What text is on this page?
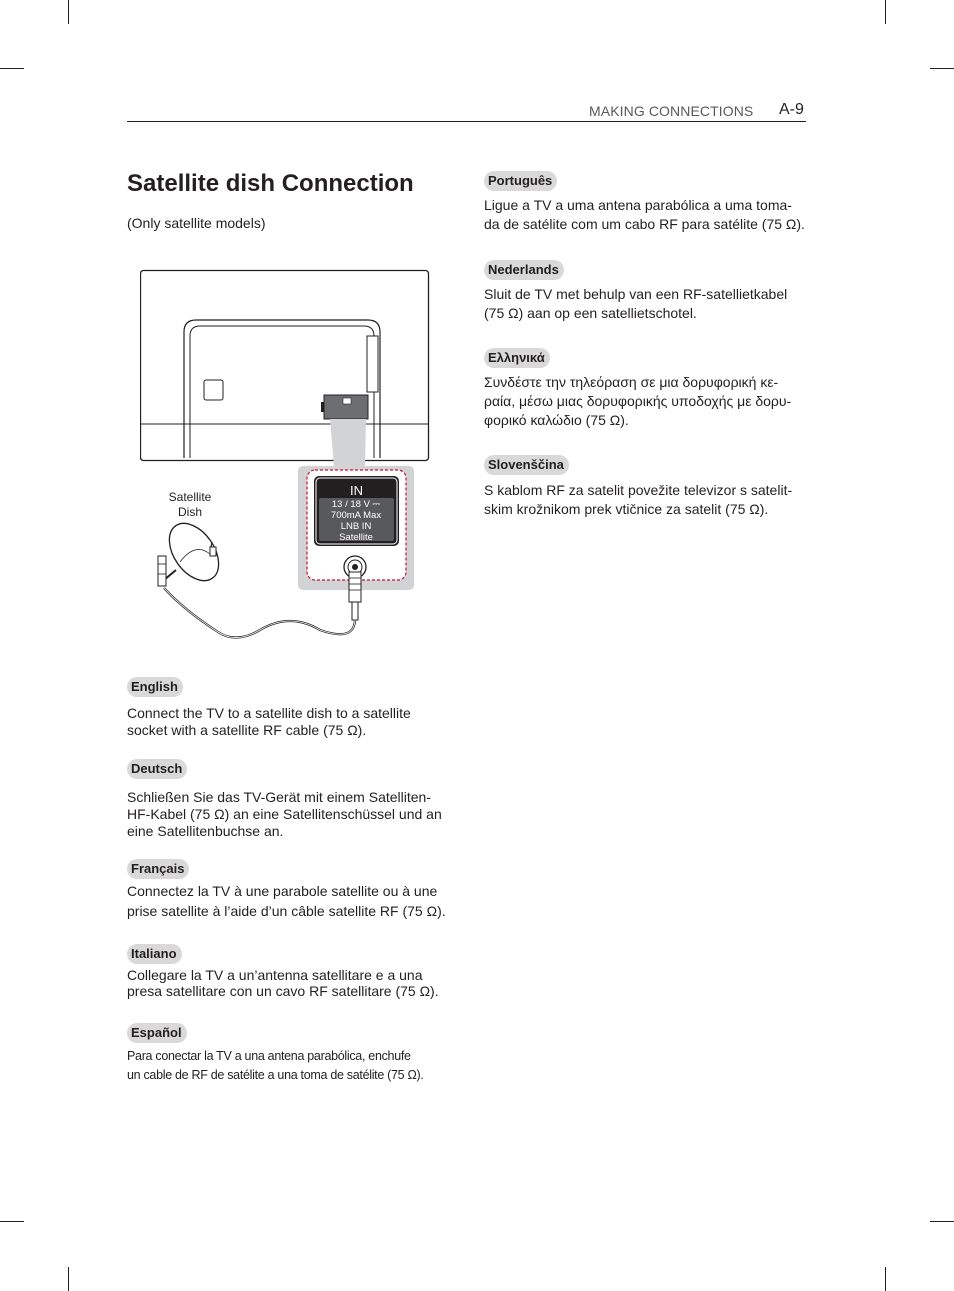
MAKING CONNECTIONS A-9
Satellite dish Connection
(Only satellite models)
IN
13 / 18 V ⎓
700mA Max
LNB IN
Satellite
Satellite
Dish
English
Connect the TV to a satellite dish to a satellite
socket with a satellite RF cable (75 Ω).
Deutsch
Schließen Sie das TV-Gerät mit einem Satelliten-
HF-Kabel (75 Ω) an eine Satellitenschüssel und an
eine Satellitenbuchse an.
Français
Connectez la TV à une parabole satellite ou à une
prise satellite à l’aide d’un câble satellite RF (75 Ω).
Italiano
Collegare la TV a un’antenna satellitare e a una
presa satellitare con un cavo RF satellitare (75 Ω).
Español
Para conectar la TV a una antena parabólica, enchufe
un cable de RF de satélite a una toma de satélite (75 Ω).
Português
Ligue a TV a uma antena parabólica a uma toma-
da de satélite com um cabo RF para satélite (75 Ω).
Nederlands
Sluit de TV met behulp van een RF-satellietkabel
(75 Ω) aan op een satellietschotel.
Ελληνικά
Συνδέστε την τηλεόραση σε μια δορυφορική κε-
ραία, μέσω μιας δορυφορικής υποδοχής με δορυ-
φορικό καλώδιο (75 Ω).
Slovenščina
S kablom RF za satelit povežite televizor s satelit-
skim krožnikom prek vtičnice za satelit (75 Ω).
